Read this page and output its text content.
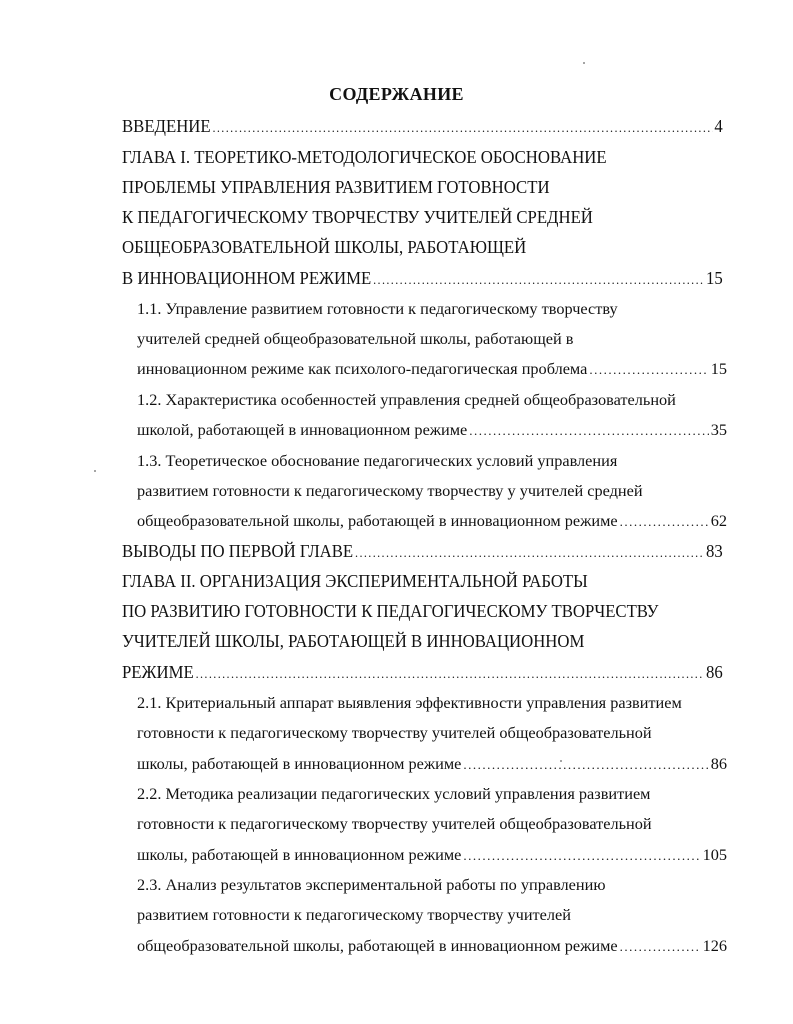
СОДЕРЖАНИЕ
ВВЕДЕНИЕ .....	4
ГЛАВА I. ТЕОРЕТИКО-МЕТОДОЛОГИЧЕСКОЕ ОБОСНОВАНИЕ
ПРОБЛЕМЫ УПРАВЛЕНИЯ РАЗВИТИЕМ ГОТОВНОСТИ
К ПЕДАГОГИЧЕСКОМУ ТВОРЧЕСТВУ УЧИТЕЛЕЙ СРЕДНЕЙ
ОБЩЕОБРАЗОВАТЕЛЬНОЙ ШКОЛЫ, РАБОТАЮЩЕЙ
В ИННОВАЦИОННОМ РЕЖИМЕ .....	15
1.1. Управление развитием готовности к педагогическому творчеству
учителей средней общеобразовательной школы, работающей в
инновационном режиме как психолого-педагогическая проблема .....	15
1.2. Характеристика особенностей управления средней общеобразовательной
школой, работающей в инновационном режиме .....	35
1.3. Теоретическое обоснование педагогических условий управления
развитием готовности к педагогическому творчеству у учителей средней
общеобразовательной школы, работающей в инновационном режиме .....	62
ВЫВОДЫ ПО ПЕРВОЙ ГЛАВЕ .....	83
ГЛАВА II. ОРГАНИЗАЦИЯ ЭКСПЕРИМЕНТАЛЬНОЙ РАБОТЫ
ПО РАЗВИТИЮ ГОТОВНОСТИ К ПЕДАГОГИЧЕСКОМУ ТВОРЧЕСТВУ
УЧИТЕЛЕЙ ШКОЛЫ, РАБОТАЮЩЕЙ В ИННОВАЦИОННОМ
РЕЖИМЕ .....	86
2.1. Критериальный аппарат выявления эффективности управления развитием
готовности к педагогическому творчеству учителей общеобразовательной
школы, работающей в инновационном режиме .....	86
2.2. Методика реализации педагогических условий управления развитием
готовности к педагогическому творчеству учителей общеобразовательной
школы, работающей в инновационном режиме .....	105
2.3. Анализ результатов экспериментальной работы по управлению
развитием готовности к педагогическому творчеству учителей
общеобразовательной школы, работающей в инновационном режиме .....	126
